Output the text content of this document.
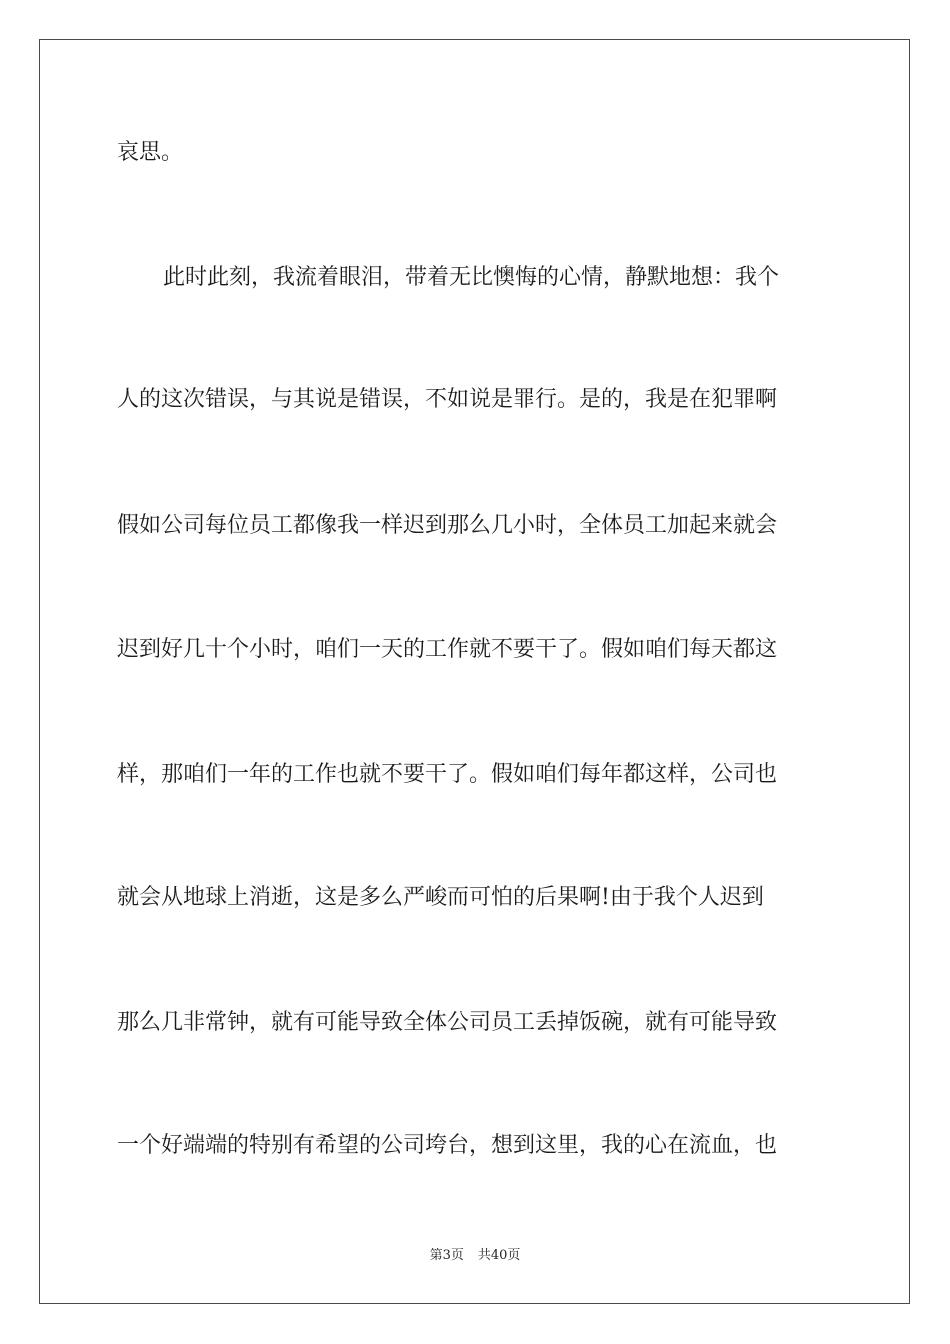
哀思。
此时此刻，我流着眼泪，带着无比懊悔的心情，静默地想：我个
人的这次错误，与其说是错误，不如说是罪行。是的，我是在犯罪啊
假如公司每位员工都像我一样迟到那么几小时，全体员工加起来就会
迟到好几十个小时，咱们一天的工作就不要干了。假如咱们每天都这
样，那咱们一年的工作也就不要干了。假如咱们每年都这样，公司也
就会从地球上消逝，这是多么严峻而可怕的后果啊!由于我个人迟到
那么几非常钟，就有可能导致全体公司员工丢掉饭碗，就有可能导致
一个好端端的特别有希望的公司垮台，想到这里，我的心在流血，也
第3页 共40页
